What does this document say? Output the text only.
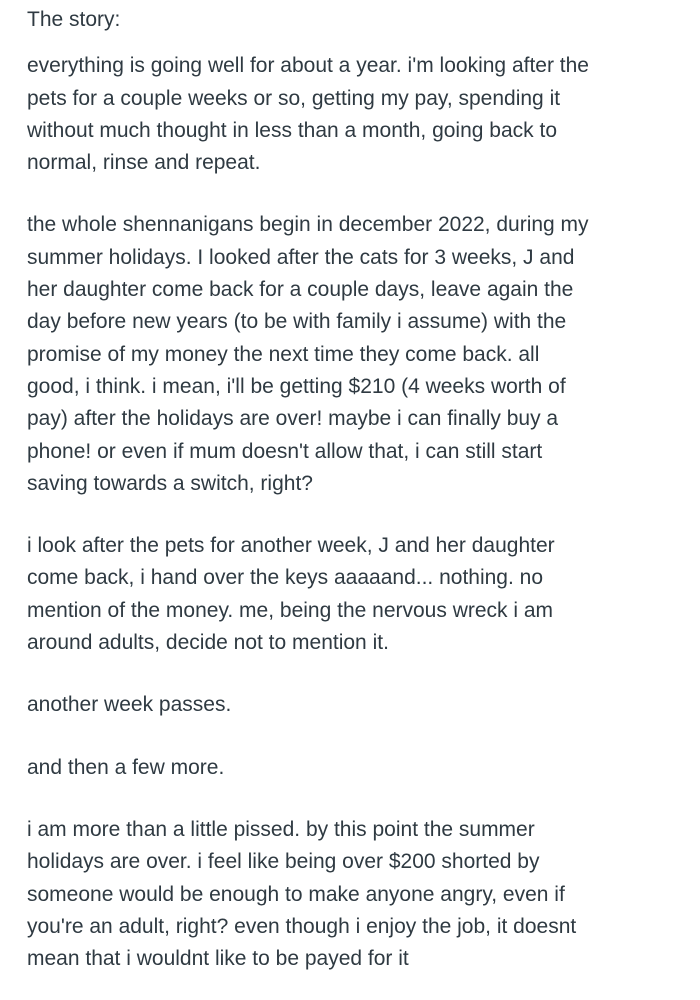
The story:
everything is going well for about a year. i'm looking after the
pets for a couple weeks or so, getting my pay, spending it
without much thought in less than a month, going back to
normal, rinse and repeat.
the whole shennanigans begin in december 2022, during my
summer holidays. I looked after the cats for 3 weeks, J and
her daughter come back for a couple days, leave again the
day before new years (to be with family i assume) with the
promise of my money the next time they come back. all
good, i think. i mean, i'll be getting $210 (4 weeks worth of
pay) after the holidays are over! maybe i can finally buy a
phone! or even if mum doesn't allow that, i can still start
saving towards a switch, right?
i look after the pets for another week, J and her daughter
come back, i hand over the keys aaaaand... nothing. no
mention of the money. me, being the nervous wreck i am
around adults, decide not to mention it.
another week passes.
and then a few more.
i am more than a little pissed. by this point the summer
holidays are over. i feel like being over $200 shorted by
someone would be enough to make anyone angry, even if
you're an adult, right? even though i enjoy the job, it doesnt
mean that i wouldnt like to be payed for it
